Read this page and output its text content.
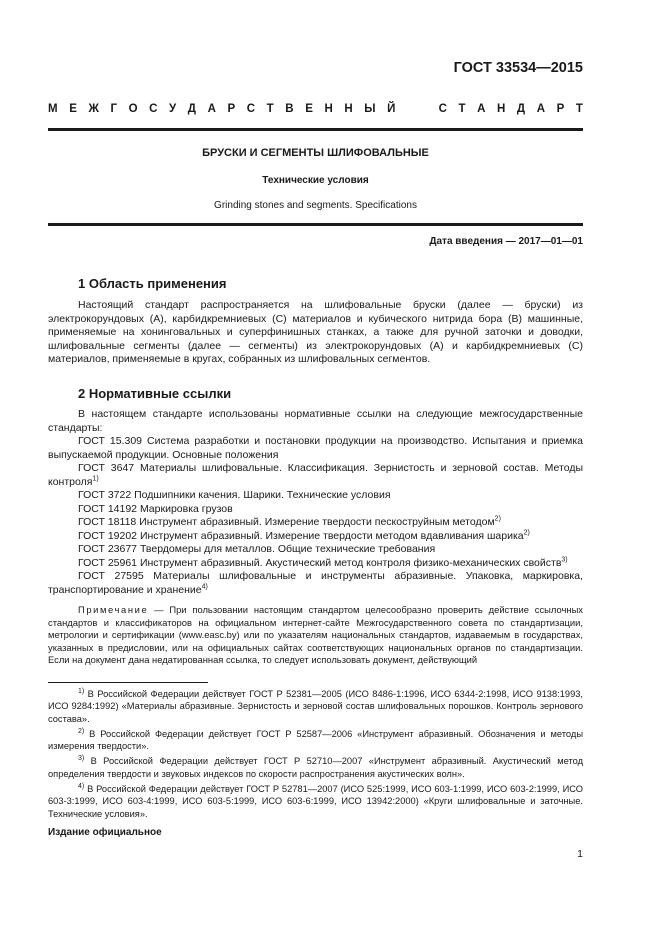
ГОСТ 33534—2015
М Е Ж Г О С У Д А Р С Т В Е Н Н Ы Й	С Т А Н Д А Р Т
БРУСКИ И СЕГМЕНТЫ ШЛИФОВАЛЬНЫЕ
Технические условия
Grinding stones and segments. Specifications
Дата введения — 2017—01—01
1 Область применения

Настоящий стандарт распространяется на шлифовальные бруски (далее — бруски) из электрокорундовых (А), карбидкремниевых (С) материалов и кубического нитрида бора (В) машинные, применяемые на хонинговальных и суперфинишных станках, а также для ручной заточки и доводки, шлифовальные сегменты (далее — сегменты) из электрокорундовых (А) и карбидкремниевых (С) материалов, применяемые в кругах, собранных из шлифовальных сегментов.

2 Нормативные ссылки

В настоящем стандарте использованы нормативные ссылки на следующие межгосударственные стандарты:

ГОСТ 15.309 Система разработки и постановки продукции на производство. Испытания и приемка выпускаемой продукции. Основные положения

ГОСТ 3647 Материалы шлифовальные. Классификация. Зернистость и зерновой состав. Методы контроля$^{1)}$

ГОСТ 3722 Подшипники качения. Шарики. Технические условия

ГОСТ 14192 Маркировка грузов

ГОСТ 18118 Инструмент абразивный. Измерение твердости пескоструйным методом$^{2)}$

ГОСТ 19202 Инструмент абразивный. Измерение твердости методом вдавливания шарика$^{2)}$

ГОСТ 23677 Твердомеры для металлов. Общие технические требования

ГОСТ 25961 Инструмент абразивный. Акустический метод контроля физико-механических свойств$^{3)}$

ГОСТ 27595 Материалы шлифовальные и инструменты абразивные. Упаковка, маркировка, транспортирование и хранение$^{4)}$

Примечание — При пользовании настоящим стандартом целесообразно проверить действие ссылочных стандартов и классификаторов на официальном интернет-сайте Межгосударственного совета по стандартизации, метрологии и сертификации (www.easc.by) или по указателям национальных стандартов, издаваемым в государствах, указанных в предисловии, или на официальных сайтах соответствующих национальных органов по стандартизации. Если на документ дана недатированная ссылка, то следует использовать документ, действующий

$^{1)}$ В Российской Федерации действует ГОСТ Р 52381—2005 (ИСО 8486-1:1996, ИСО 6344-2:1998, ИСО 9138:1993, ИСО 9284:1992) «Материалы абразивные. Зернистость и зерновой состав шлифовальных порошков. Контроль зернового состава».

$^{2)}$ В Российской Федерации действует ГОСТ Р 52587—2006 «Инструмент абразивный. Обозначения и методы измерения твердости».

$^{3)}$ В Российской Федерации действует ГОСТ Р 52710—2007 «Инструмент абразивный. Акустический метод определения твердости и звуковых индексов по скорости распространения акустических волн».

$^{4)}$ В Российской Федерации действует ГОСТ Р 52781—2007 (ИСО 525:1999, ИСО 603-1:1999, ИСО 603-2:1999, ИСО 603-3:1999, ИСО 603-4:1999, ИСО 603-5:1999, ИСО 603-6:1999, ИСО 13942:2000) «Круги шлифовальные и заточные. Технические условия».

Издание официальное
1
